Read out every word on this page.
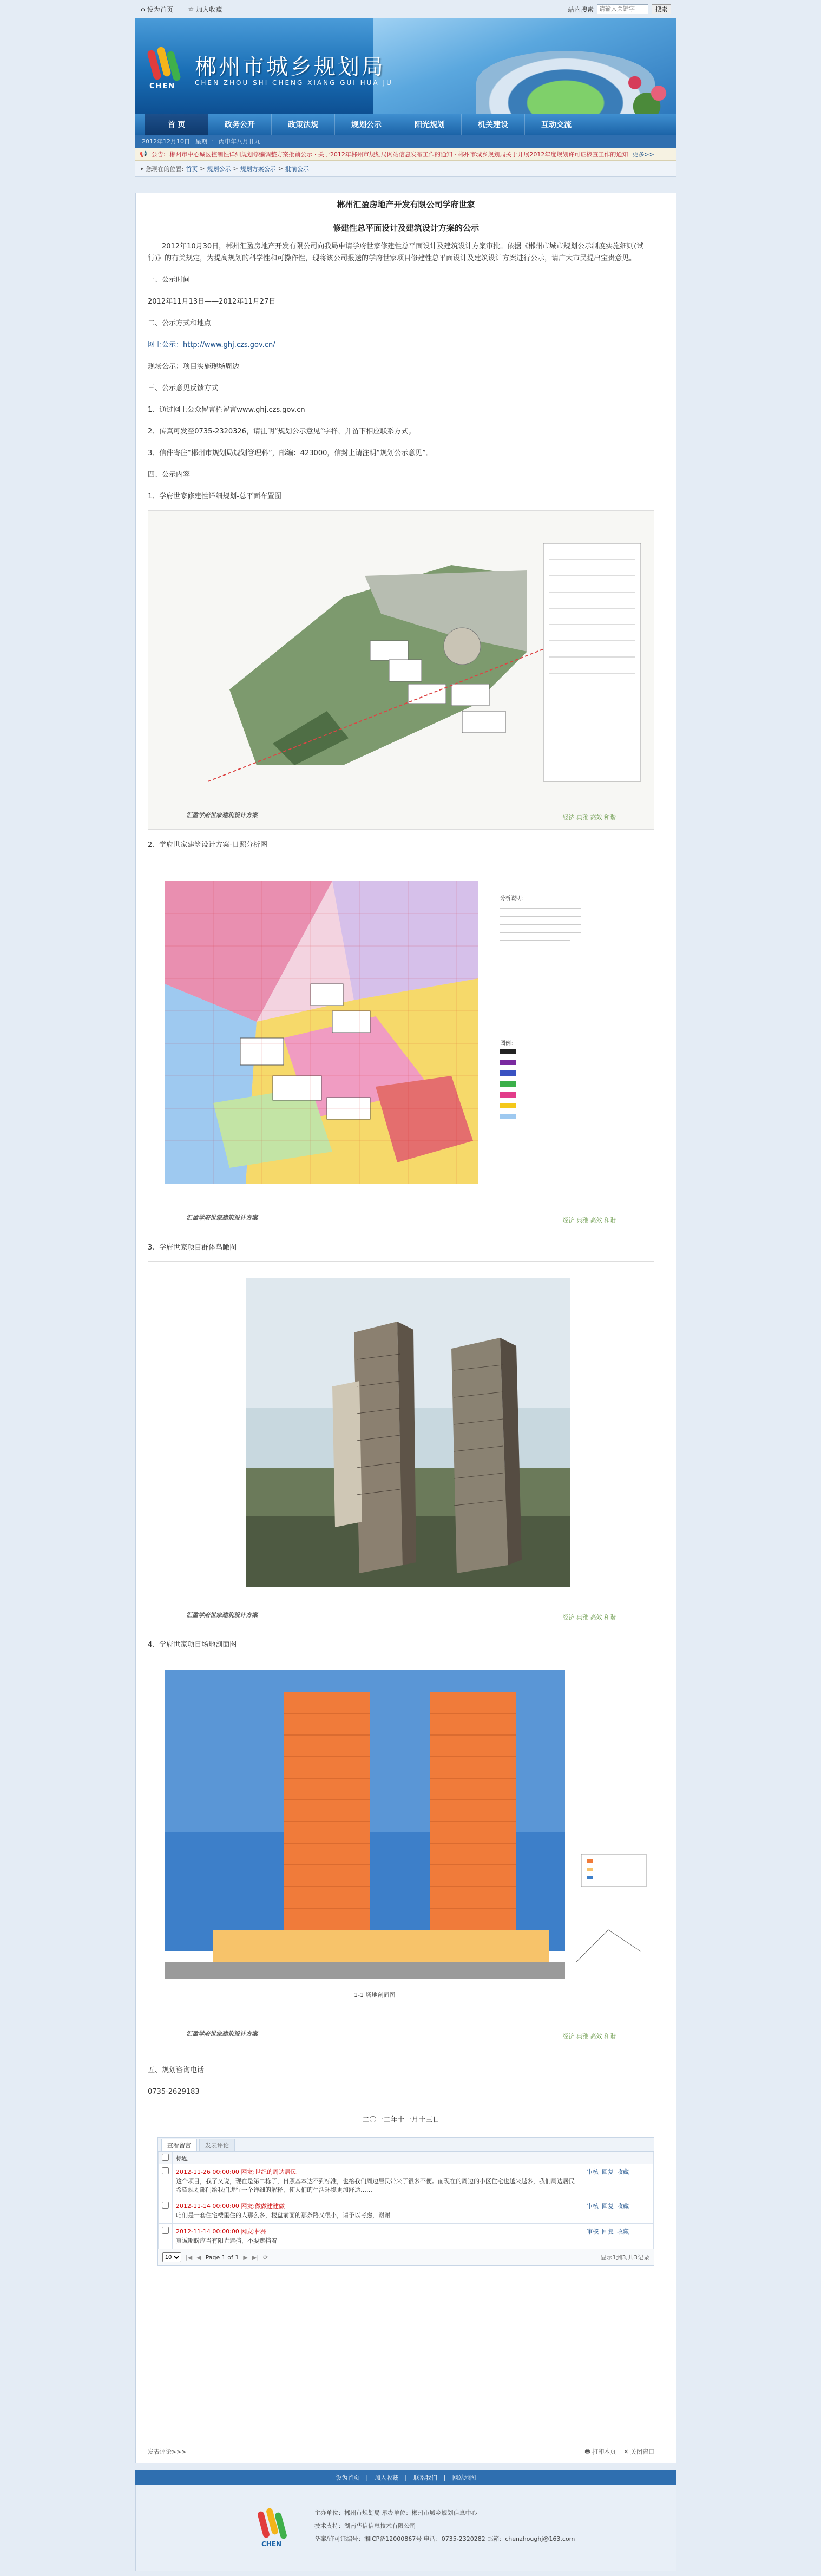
⌂ 设为首页
☆ 加入收藏	站内搜索
请输入关键字	搜索
CHEN
郴州市城乡规划局
CHEN ZHOU SHI CHENG XIANG GUI HUA JU
首 页	政务公开	政策法规	规划公示	阳光规划	机关建设	互动交流
2012年12月10日 星期一 丙申年八月廿九
📢 公告: 郴州市中心城区控制性详细规划修编调整方案批前公示 · 关于2012年郴州市规划局网站信息发布工作的通知 · 郴州市城乡规划局关于开展2012年度规划许可证核查工作的通知 更多>>
▸ 您现在的位置: 首页 > 规划公示 > 规划方案公示 > 批前公示
郴州汇盈房地产开发有限公司学府世家
修建性总平面设计及建筑设计方案的公示
2012年10月30日，郴州汇盈房地产开发有限公司向我局申请学府世家修建性总平面设计及建筑设计方案审批。依据《郴州市城市规划公示制度实施细则(试行)》的有关规定，为提高规划的科学性和可操作性，现将该公司报送的学府世家项目修建性总平面设计及建筑设计方案进行公示，请广大市民提出宝贵意见。
一、公示时间
2012年11月13日——2012年11月27日
二、公示方式和地点
网上公示：http://www.ghj.czs.gov.cn/
现场公示：项目实施现场周边
三、公示意见反馈方式
1、通过网上公众留言栏留言www.ghj.czs.gov.cn
2、传真可发至0735-2320326，请注明“规划公示意见”字样，并留下相应联系方式。
3、信件寄往“郴州市规划局规划管理科”，邮编：423000，信封上请注明“规划公示意见”。
四、公示内容
1、学府世家修建性详细规划-总平面布置图
汇盈学府世家建筑设计方案	经济 典雅 高效 和谐
2、学府世家建筑设计方案-日照分析图
分析说明：
图例：
汇盈学府世家建筑设计方案	经济 典雅 高效 和谐
3、学府世家项目群体鸟瞰图
汇盈学府世家建筑设计方案	经济 典雅 高效 和谐
4、学府世家项目场地剖面图
1-1 场地剖面图
汇盈学府世家建筑设计方案	经济 典雅 高效 和谐
五、规划咨询电话
0735-2629183
二〇一二年十一月十三日
查看留言	发表评论
	标题	

2012-11-26 00:00:00 网友:世纪的周边居民
这个项目，我了又说，现在是第二栋了，日照基本达不到标准，也给我们周边居民带来了很多不便。而现在的周边的小区住宅也越来越多，我们周边居民希望规划部门给我们进行一个详细的解释，使人们的生活环境更加舒适……	审核 回复 收藏

2012-11-14 00:00:00 网友:做做建建做
咱们是一套住宅楼里住的人那么多，楼盘前面的那条路又很小，请予以考虑，谢谢	审核 回复 收藏

2012-11-14 00:00:00 网友:郴州
真诚期盼应当有阳光遮挡，不要遮挡着	审核 回复 收藏
10
|◀ ◀ Page 1 of 1 ▶ ▶| ⟳	显示1到3,共3记录
发表评论>>>	🖶 打印本页 ✕ 关闭窗口
设为首页 | 加入收藏 | 联系我们 | 网站地图
CHEN
主办单位：郴州市规划局 承办单位：郴州市城乡规划信息中心
技术支持：湖南华信信息技术有限公司
备案/许可证编号：湘ICP备12000867号 电话：0735-2320282 邮箱：chenzhoughj@163.com
